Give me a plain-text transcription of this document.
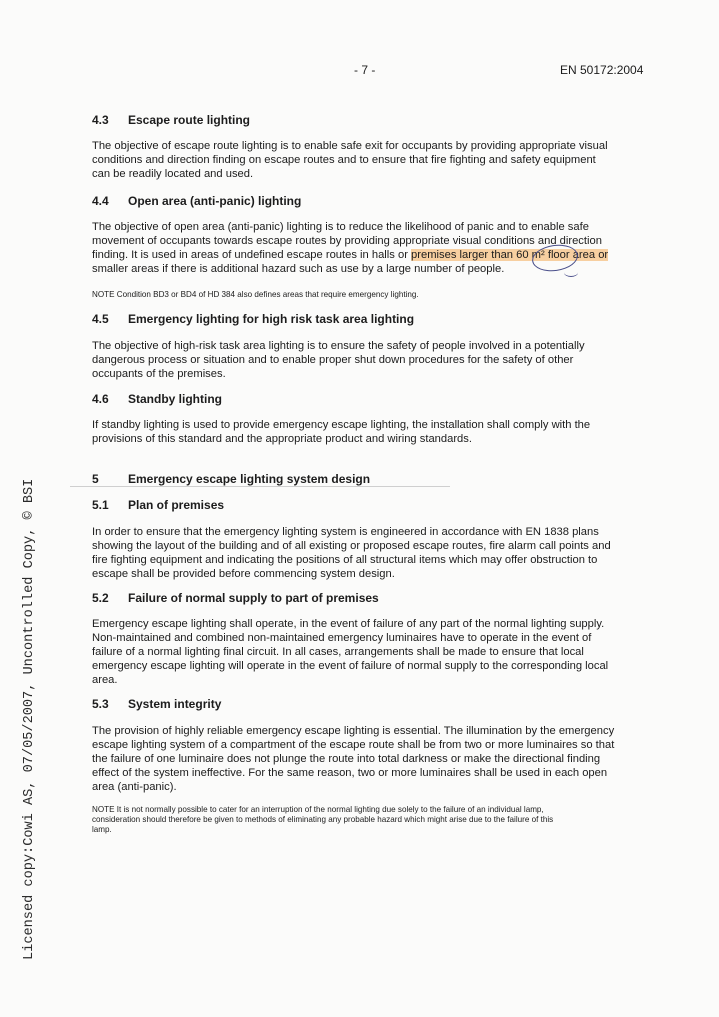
- 7 -	EN 50172:2004
4.3 Escape route lighting
The objective of escape route lighting is to enable safe exit for occupants by providing appropriate visual
conditions and direction finding on escape routes and to ensure that fire fighting and safety equipment
can be readily located and used.
4.4 Open area (anti-panic) lighting
The objective of open area (anti-panic) lighting is to reduce the likelihood of panic and to enable safe
movement of occupants towards escape routes by providing appropriate visual conditions and direction
finding. It is used in areas of undefined escape routes in halls or premises larger than 60 m² floor area or
smaller areas if there is additional hazard such as use by a large number of people.
NOTE Condition BD3 or BD4 of HD 384 also defines areas that require emergency lighting.
4.5 Emergency lighting for high risk task area lighting
The objective of high-risk task area lighting is to ensure the safety of people involved in a potentially
dangerous process or situation and to enable proper shut down procedures for the safety of other
occupants of the premises.
4.6 Standby lighting
If standby lighting is used to provide emergency escape lighting, the installation shall comply with the
provisions of this standard and the appropriate product and wiring standards.
5 Emergency escape lighting system design
5.1 Plan of premises
In order to ensure that the emergency lighting system is engineered in accordance with EN 1838 plans
showing the layout of the building and of all existing or proposed escape routes, fire alarm call points and
fire fighting equipment and indicating the positions of all structural items which may offer obstruction to
escape shall be provided before commencing system design.
5.2 Failure of normal supply to part of premises
Emergency escape lighting shall operate, in the event of failure of any part of the normal lighting supply.
Non-maintained and combined non-maintained emergency luminaires have to operate in the event of
failure of a normal lighting final circuit. In all cases, arrangements shall be made to ensure that local
emergency escape lighting will operate in the event of failure of normal supply to the corresponding local
area.
5.3 System integrity
The provision of highly reliable emergency escape lighting is essential. The illumination by the emergency
escape lighting system of a compartment of the escape route shall be from two or more luminaires so that
the failure of one luminaire does not plunge the route into total darkness or make the directional finding
effect of the system ineffective. For the same reason, two or more luminaires shall be used in each open
area (anti-panic).
NOTE It is not normally possible to cater for an interruption of the normal lighting due solely to the failure of an individual lamp,
consideration should therefore be given to methods of eliminating any probable hazard which might arise due to the failure of this
lamp.
Licensed copy:Cowi AS, 07/05/2007, Uncontrolled Copy, © BSI
